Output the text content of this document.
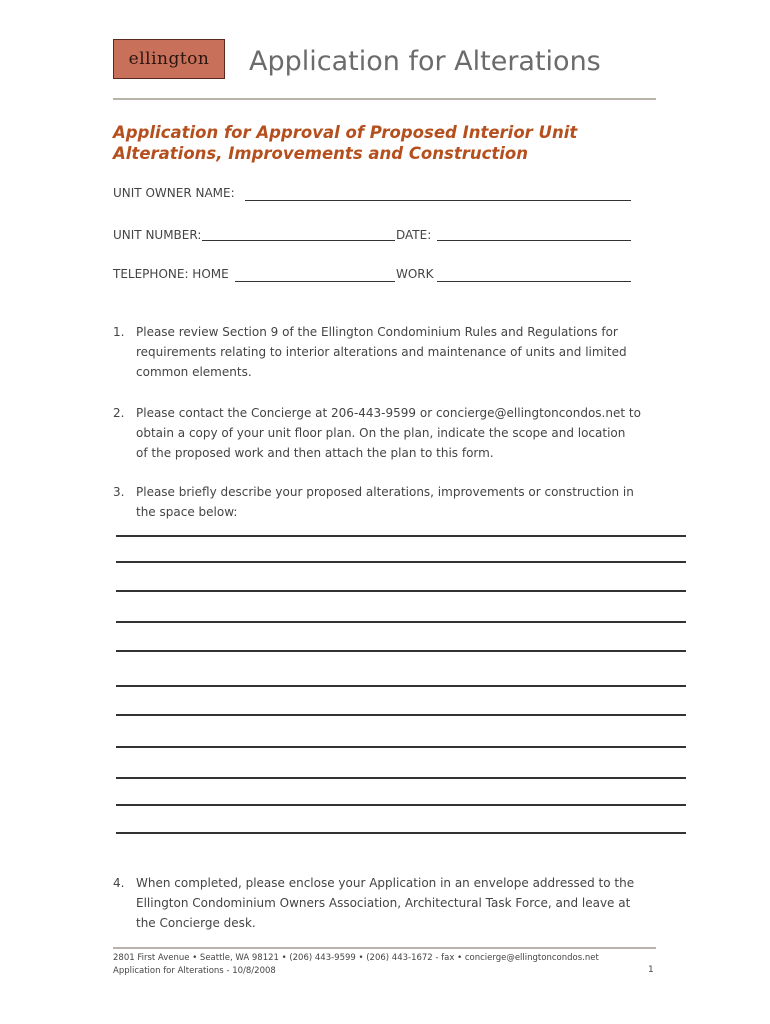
ellington Application for Alterations
Application for Approval of Proposed Interior Unit
Alterations, Improvements and Construction
UNIT OWNER NAME:
UNIT NUMBER:	DATE:
TELEPHONE: HOME	WORK
1. Please review Section 9 of the Ellington Condominium Rules and Regulations for
requirements relating to interior alterations and maintenance of units and limited
common elements.
2. Please contact the Concierge at 206-443-9599 or concierge@ellingtoncondos.net to
obtain a copy of your unit floor plan. On the plan, indicate the scope and location
of the proposed work and then attach the plan to this form.
3. Please briefly describe your proposed alterations, improvements or construction in
the space below:
4. When completed, please enclose your Application in an envelope addressed to the
Ellington Condominium Owners Association, Architectural Task Force, and leave at
the Concierge desk.
2801 First Avenue • Seattle, WA 98121 • (206) 443-9599 • (206) 443-1672 - fax • concierge@ellingtoncondos.net
Application for Alterations - 10/8/2008	1
